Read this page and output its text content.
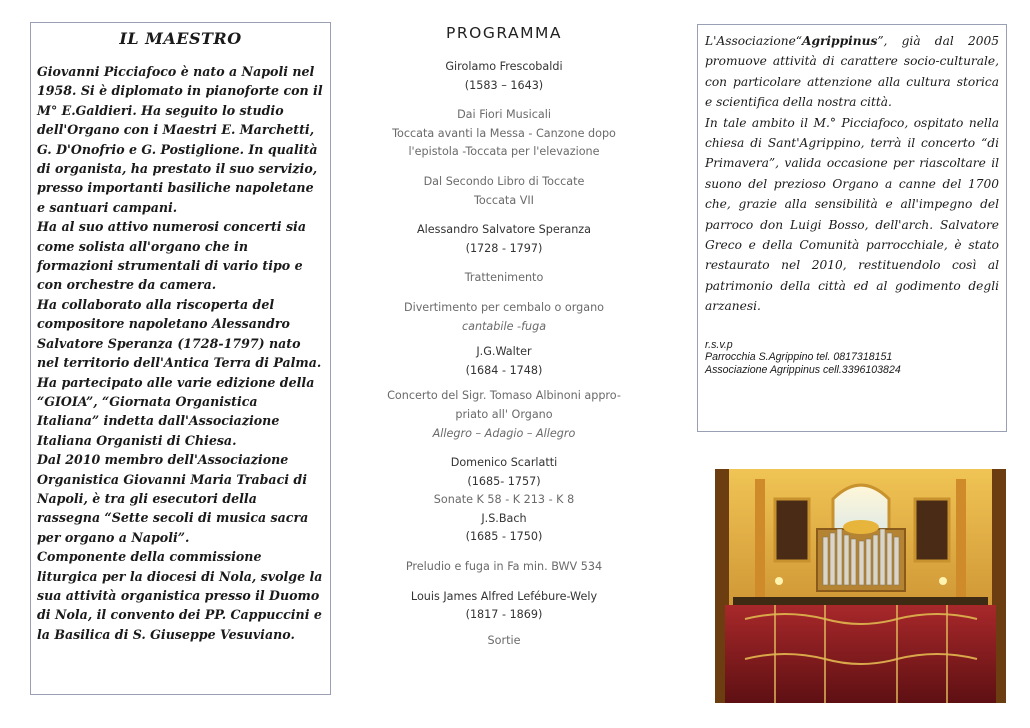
IL MAESTRO

Giovanni Picciafoco è nato a Napoli nel 1958. Si è diplomato in pianoforte con il M° E.Galdieri. Ha seguito lo studio dell'Organo con i Maestri E. Marchetti, G. D'Onofrio e G. Postiglione. In qualità di organista, ha prestato il suo servizio, presso importanti basiliche napoletane e santuari campani.

Ha al suo attivo numerosi concerti sia come solista all'organo che in formazioni strumentali di vario tipo e con orchestre da camera.

Ha collaborato alla riscoperta del compositore napoletano Alessandro Salvatore Speranza (1728-1797) nato nel territorio dell'Antica Terra di Palma.

Ha partecipato alle varie edizione della “GIOIA”, “Giornata Organistica Italiana” indetta dall'Associazione Italiana Organisti di Chiesa.

Dal 2010 membro dell'Associazione Organistica Giovanni Maria Trabaci di Napoli, è tra gli esecutori della rassegna “Sette secoli di musica sacra per organo a Napoli”.

Componente della commissione liturgica per la diocesi di Nola, svolge la sua attività organistica presso il Duomo di Nola, il convento dei PP. Cappuccini e la Basilica di S. Giuseppe Vesuviano.

PROGRAMMA
Girolamo Frescobaldi
(1583 – 1643)
Dai Fiori Musicali
Toccata avanti la Messa - Canzone dopo
l'epistola -Toccata per l'elevazione
Dal Secondo Libro di Toccate
Toccata VII
Alessandro Salvatore Speranza
(1728 - 1797)
Trattenimento
Divertimento per cembalo o organo
cantabile -fuga
J.G.Walter
(1684 - 1748)
Concerto del Sigr. Tomaso Albinoni appro-
priato all' Organo
Allegro – Adagio – Allegro
Domenico Scarlatti
(1685- 1757)
Sonate K 58 - K 213 - K 8
J.S.Bach
(1685 - 1750)
Preludio e fuga in Fa min. BWV 534
Louis James Alfred Lefébure-Wely
(1817 - 1869)
Sortie

L'Associazione“Agrippinus”, già dal 2005 promuove attività di carattere socio-culturale, con particolare attenzione alla cultura storica e scientifica della nostra città.

In tale ambito il M.° Picciafoco, ospitato nella chiesa di Sant'Agrippino, terrà il concerto “di Primavera”, valida occasione per riascoltare il suono del prezioso Organo a canne del 1700 che, grazie alla sensibilità e all'impegno del parroco don Luigi Bosso, dell'arch. Salvatore Greco e della Comunità parrocchiale, è stato restaurato nel 2010, restituendolo così al patrimonio della città ed al godimento degli arzanesi.

r.s.v.p
Parrocchia S.Agrippino tel. 0817318151
Associazione Agrippinus cell.3396103824
